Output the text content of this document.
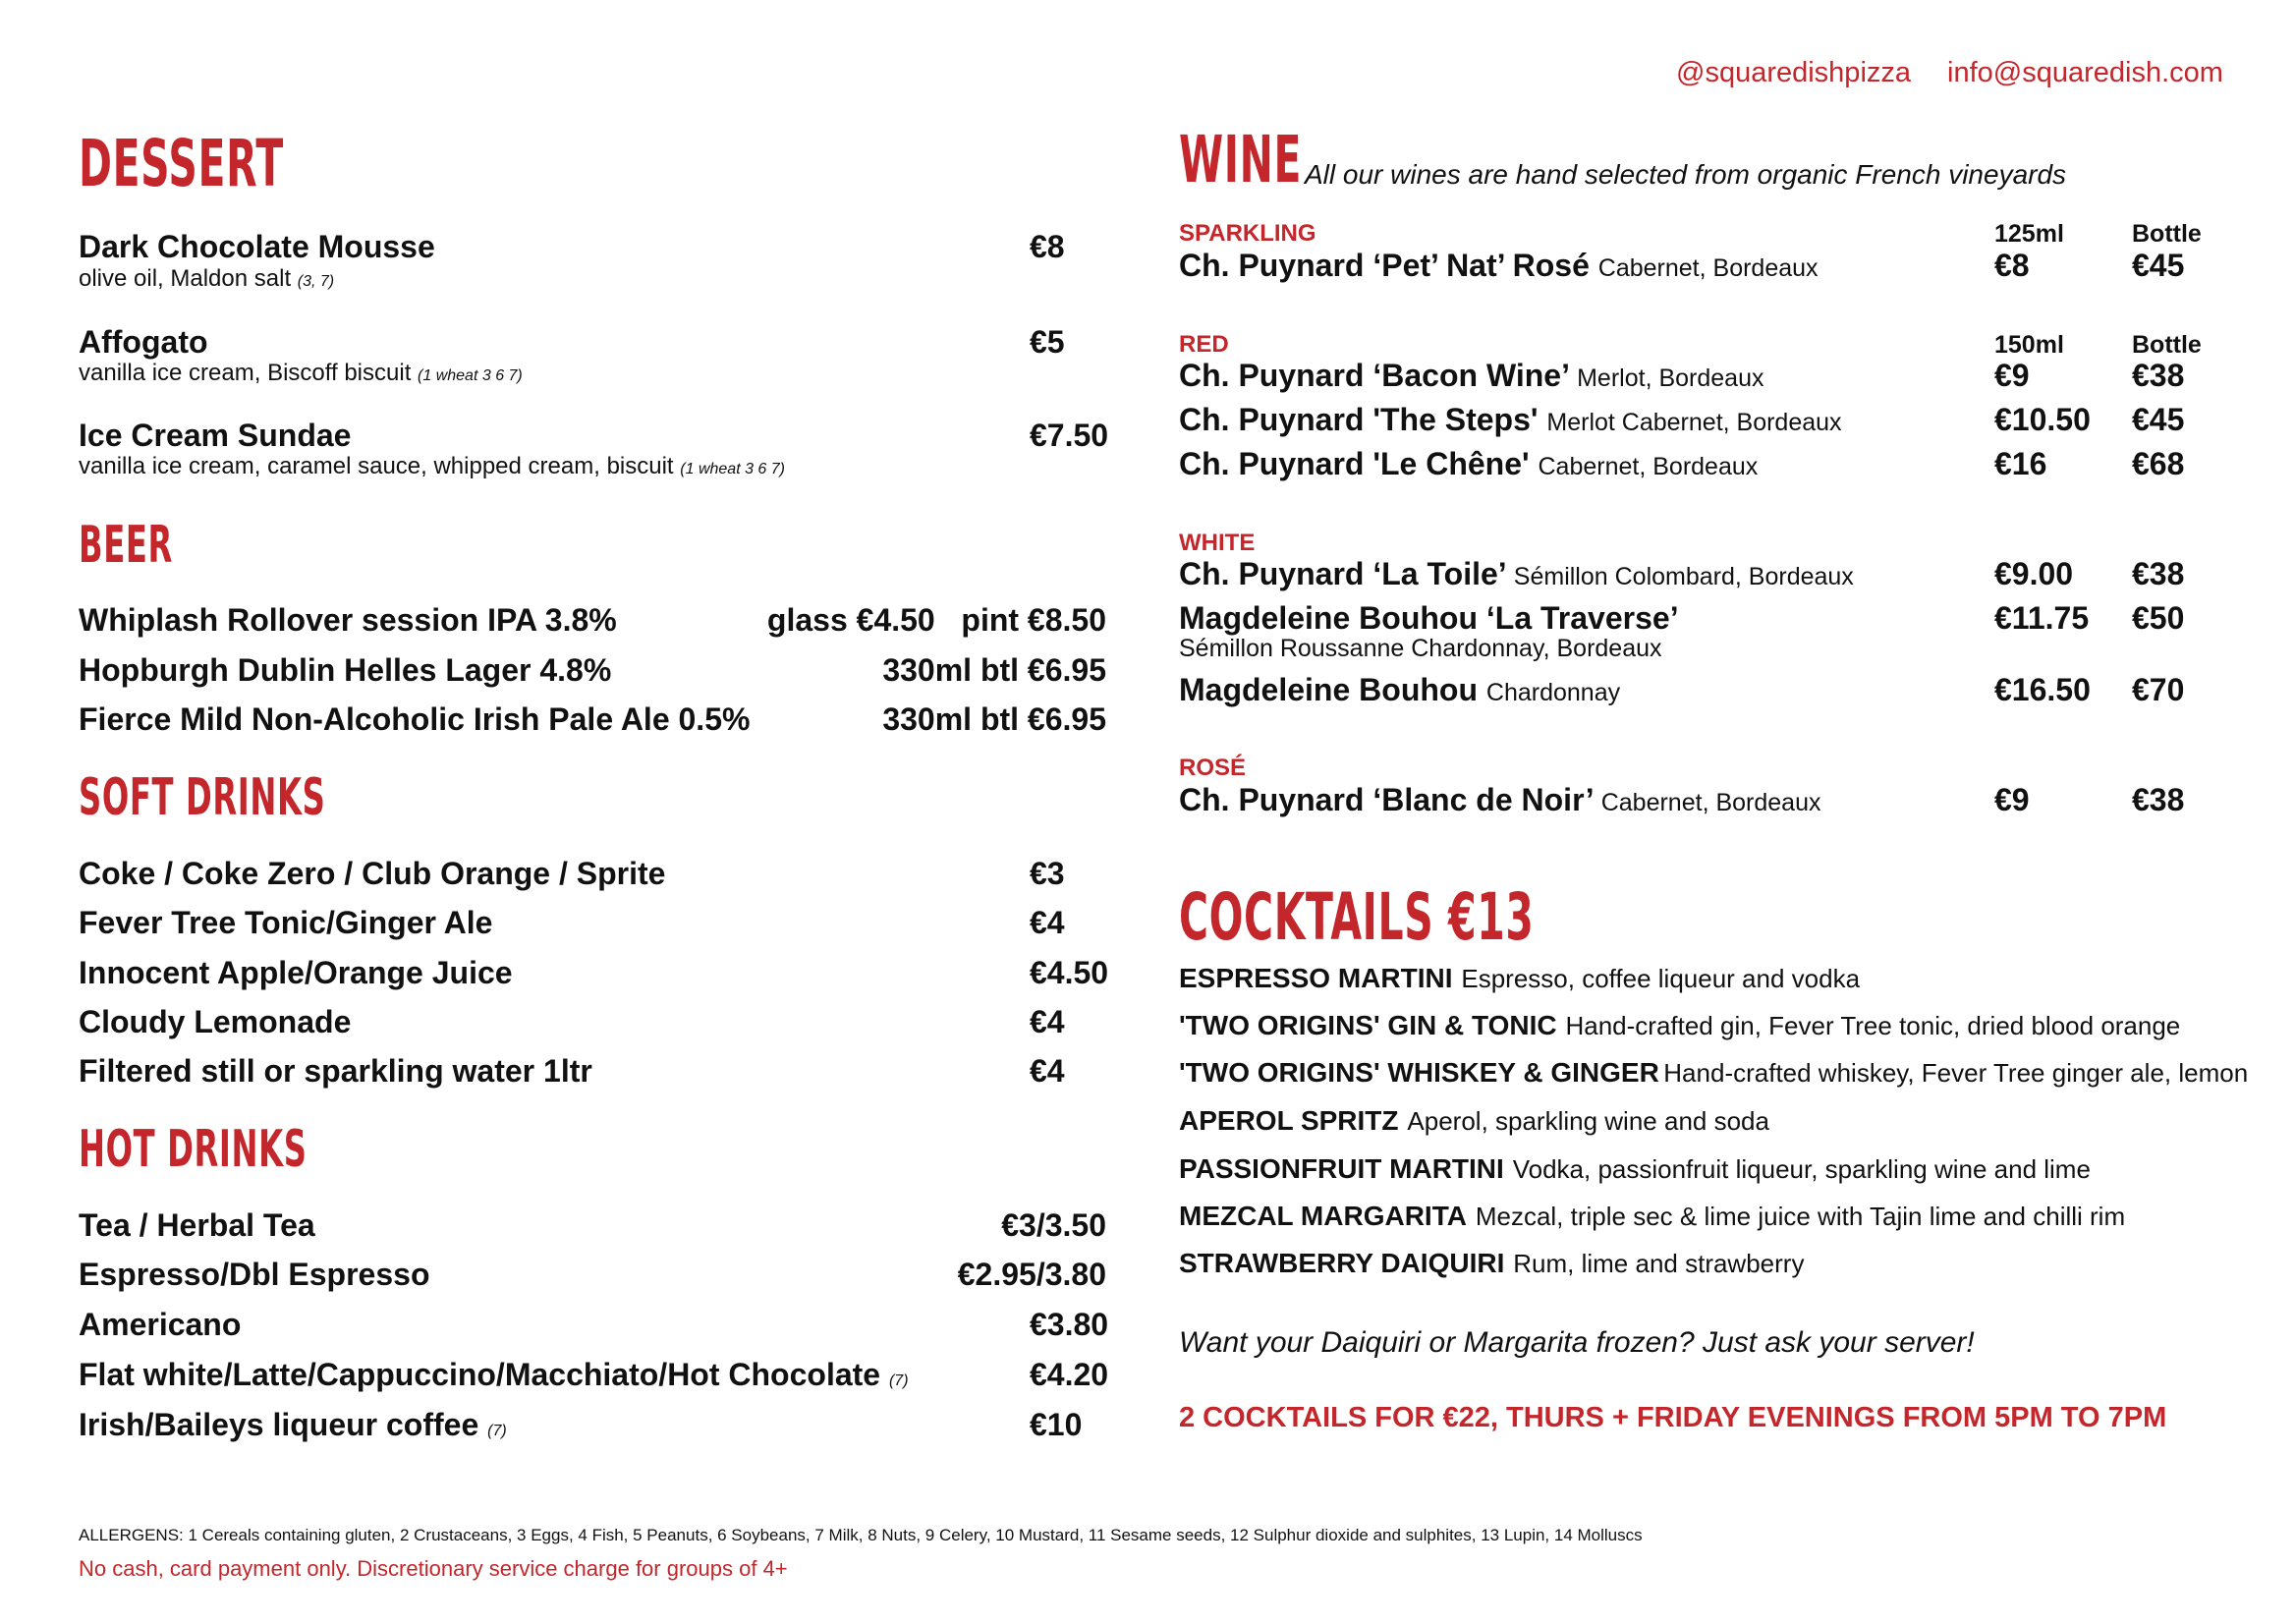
@squaredishpizza info@squaredish.com
DESSERT
Dark Chocolate Mousse
olive oil, Maldon salt (3, 7)
€8
Affogato
vanilla ice cream, Biscoff biscuit (1 wheat 3 6 7)
€5
Ice Cream Sundae
vanilla ice cream, caramel sauce, whipped cream, biscuit (1 wheat 3 6 7)
€7.50
BEER
Whiplash Rollover session IPA 3.8%	glass €4.50   pint €8.50
Hopburgh Dublin Helles Lager 4.8%	330ml btl €6.95
Fierce Mild Non-Alcoholic Irish Pale Ale 0.5%	330ml btl €6.95
SOFT DRINKS
Coke / Coke Zero / Club Orange / Sprite	€3
Fever Tree Tonic/Ginger Ale	€4
Innocent Apple/Orange Juice	€4.50
Cloudy Lemonade	€4
Filtered still or sparkling water 1ltr	€4
HOT DRINKS
Tea / Herbal Tea	€3/3.50
Espresso/Dbl Espresso	€2.95/3.80
Americano	€3.80
Flat white/Latte/Cappuccino/Macchiato/Hot Chocolate (7)	€4.20
Irish/Baileys liqueur coffee (7)	€10
WINE All our wines are hand selected from organic French vineyards
SPARKLING	125ml	Bottle
Ch. Puynard ‘Pet’ Nat’ Rosé Cabernet, Bordeaux	€8	€45
RED	150ml	Bottle
Ch. Puynard ‘Bacon Wine’ Merlot, Bordeaux	€9	€38
Ch. Puynard 'The Steps' Merlot Cabernet, Bordeaux	€10.50 €45
Ch. Puynard 'Le Chêne' Cabernet, Bordeaux	€16	€68
WHITE
Ch. Puynard ‘La Toile’ Sémillon Colombard, Bordeaux	€9.00 €38
Magdeleine Bouhou ‘La Traverse’
Sémillon Roussanne Chardonnay, Bordeaux
€11.75 €50
Magdeleine Bouhou Chardonnay	€16.50 €70
ROSÉ
Ch. Puynard ‘Blanc de Noir’ Cabernet, Bordeaux	€9	€38
COCKTAILS €13
ESPRESSO MARTINI Espresso, coffee liqueur and vodka
'TWO ORIGINS' GIN & TONIC Hand-crafted gin, Fever Tree tonic, dried blood orange
'TWO ORIGINS' WHISKEY & GINGER Hand-crafted whiskey, Fever Tree ginger ale, lemon
APEROL SPRITZ Aperol, sparkling wine and soda
PASSIONFRUIT MARTINI Vodka, passionfruit liqueur, sparkling wine and lime
MEZCAL MARGARITA Mezcal, triple sec & lime juice with Tajin lime and chilli rim
STRAWBERRY DAIQUIRI Rum, lime and strawberry
Want your Daiquiri or Margarita frozen? Just ask your server!
2 COCKTAILS FOR €22, THURS + FRIDAY EVENINGS FROM 5PM TO 7PM
ALLERGENS: 1 Cereals containing gluten, 2 Crustaceans, 3 Eggs, 4 Fish, 5 Peanuts, 6 Soybeans, 7 Milk, 8 Nuts, 9 Celery, 10 Mustard, 11 Sesame seeds, 12 Sulphur dioxide and sulphites, 13 Lupin, 14 Molluscs
No cash, card payment only. Discretionary service charge for groups of 4+
